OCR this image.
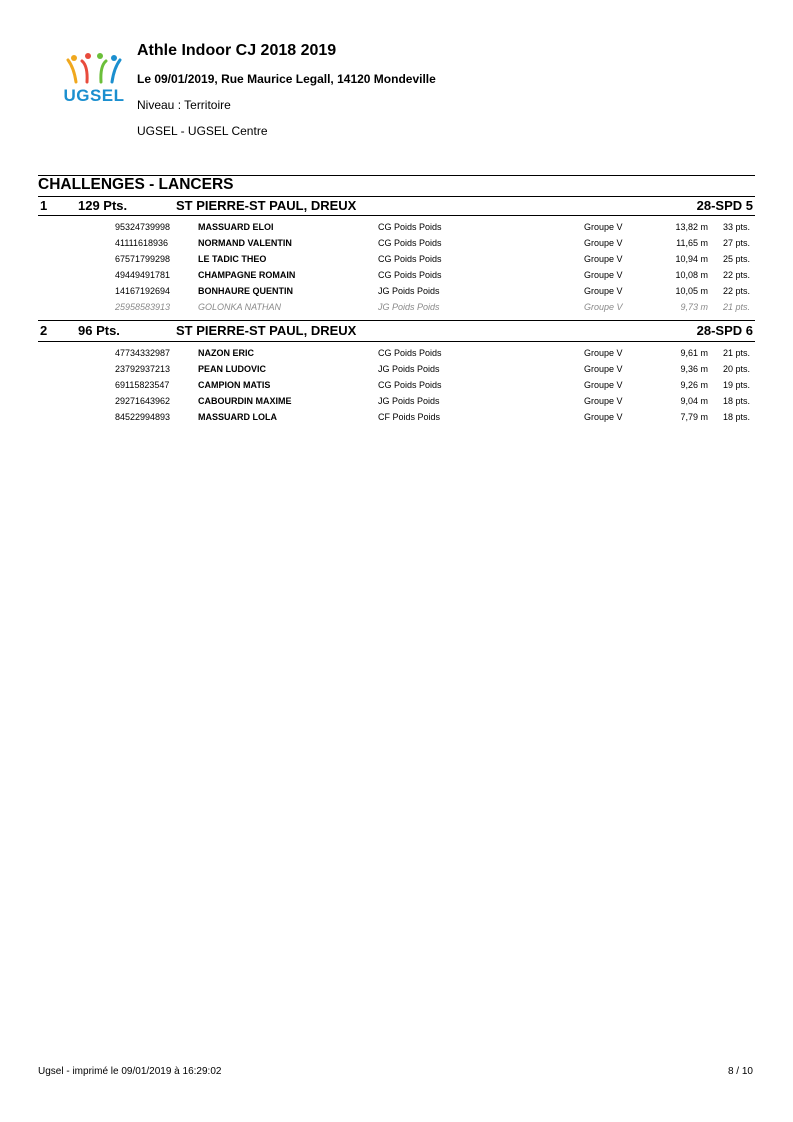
UGSEL
Athle Indoor CJ 2018 2019
Le 09/01/2019, Rue Maurice Legall, 14120 Mondeville
Niveau : Territoire
UGSEL - UGSEL Centre
CHALLENGES - LANCERS
1 129 Pts.	ST PIERRE-ST PAUL, DREUX	28-SPD 5
95324739998	MASSUARD ELOI	CG Poids Poids	Groupe V	13,82 m 33 pts.
41111618936	NORMAND VALENTIN	CG Poids Poids	Groupe V	11,65 m 27 pts.
67571799298	LE TADIC THEO	CG Poids Poids	Groupe V	10,94 m 25 pts.
49449491781	CHAMPAGNE ROMAIN	CG Poids Poids	Groupe V	10,08 m 22 pts.
14167192694	BONHAURE QUENTIN	JG Poids Poids	Groupe V	10,05 m 22 pts.
25958583913	GOLONKA NATHAN	JG Poids Poids	Groupe V	9,73 m 21 pts.
2 96 Pts.	ST PIERRE-ST PAUL, DREUX	28-SPD 6
47734332987	NAZON ERIC	CG Poids Poids	Groupe V	9,61 m 21 pts.
23792937213	PEAN LUDOVIC	JG Poids Poids	Groupe V	9,36 m 20 pts.
69115823547	CAMPION MATIS	CG Poids Poids	Groupe V	9,26 m 19 pts.
29271643962	CABOURDIN MAXIME	JG Poids Poids	Groupe V	9,04 m 18 pts.
84522994893	MASSUARD LOLA	CF Poids Poids	Groupe V	7,79 m 18 pts.
Ugsel - imprimé le 09/01/2019 à 16:29:02	8 / 10
